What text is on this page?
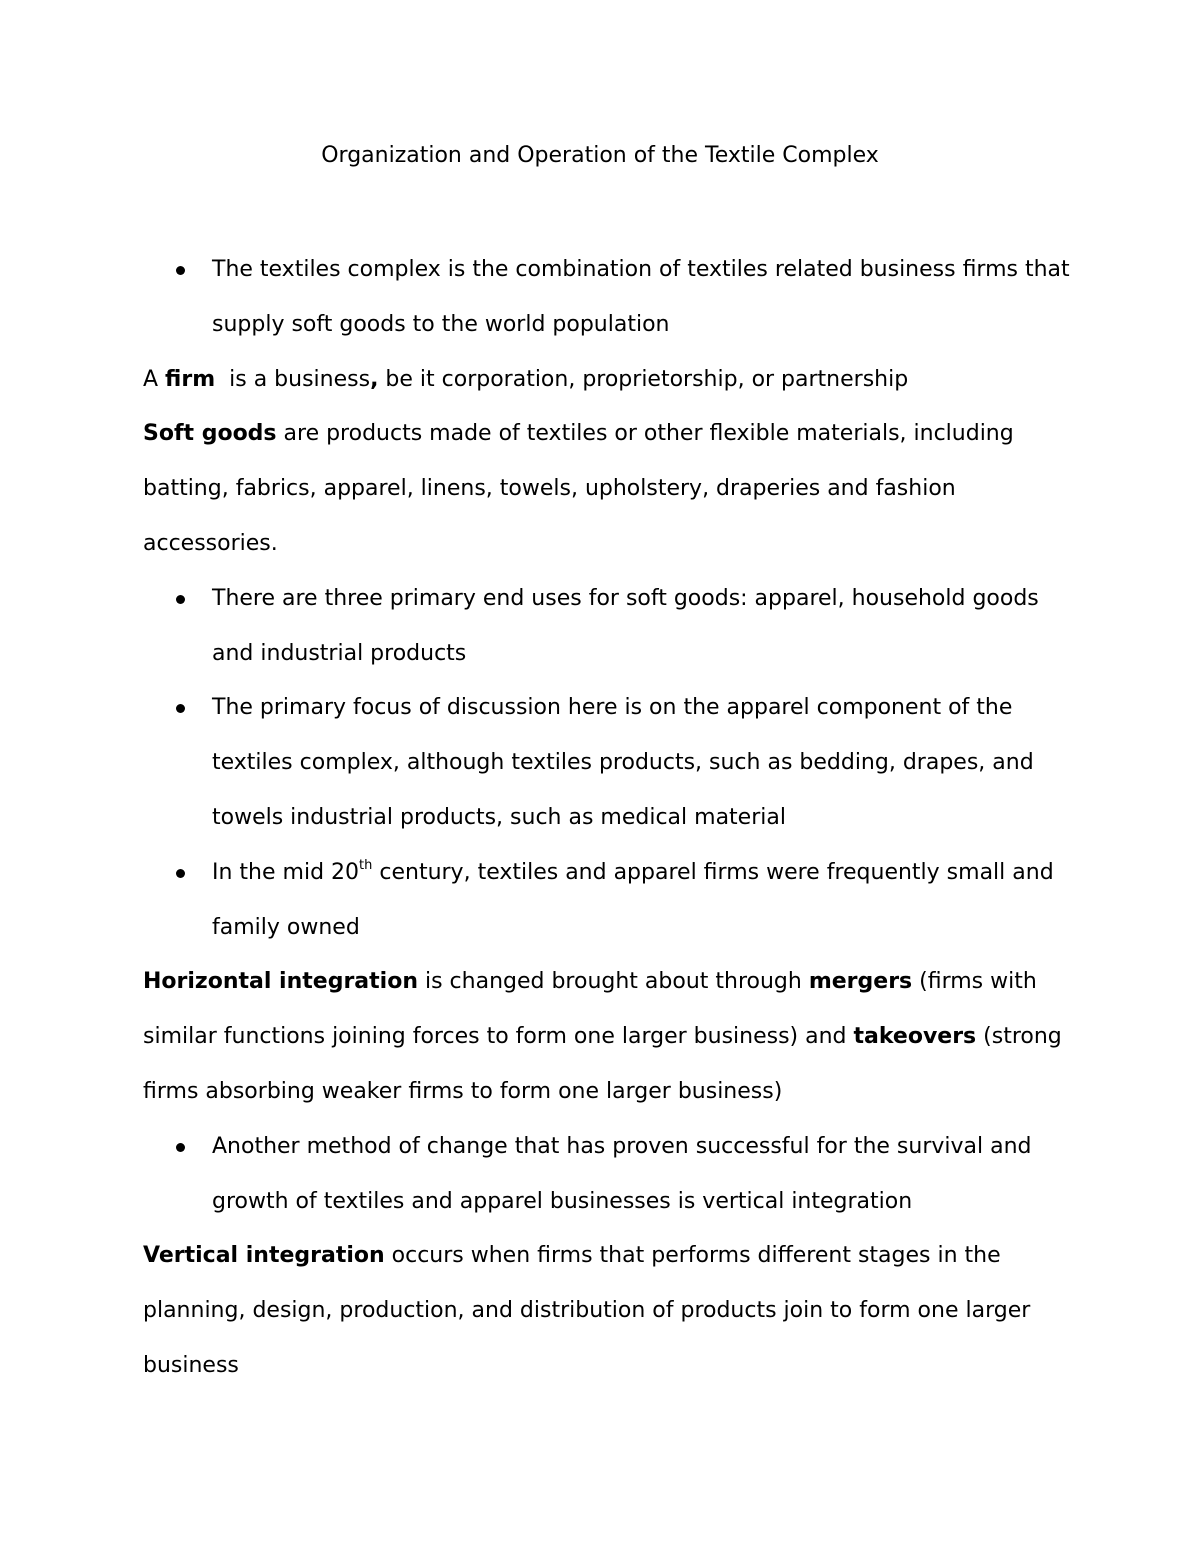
Organization and Operation of the Textile Complex
The textiles complex is the combination of textiles related business firms that supply soft goods to the world population

A firm  is a business, be it corporation, proprietorship, or partnership

Soft goods are products made of textiles or other flexible materials, including batting, fabrics, apparel, linens, towels, upholstery, draperies and fashion accessories.

There are three primary end uses for soft goods: apparel, household goods and industrial products
The primary focus of discussion here is on the apparel component of the textiles complex, although textiles products, such as bedding, drapes, and towels industrial products, such as medical material
In the mid 20th century, textiles and apparel firms were frequently small and family owned

Horizontal integration is changed brought about through mergers (firms with similar functions joining forces to form one larger business) and takeovers (strong firms absorbing weaker firms to form one larger business)

Another method of change that has proven successful for the survival and growth of textiles and apparel businesses is vertical integration

Vertical integration occurs when firms that performs different stages in the planning, design, production, and distribution of products join to form one larger business
